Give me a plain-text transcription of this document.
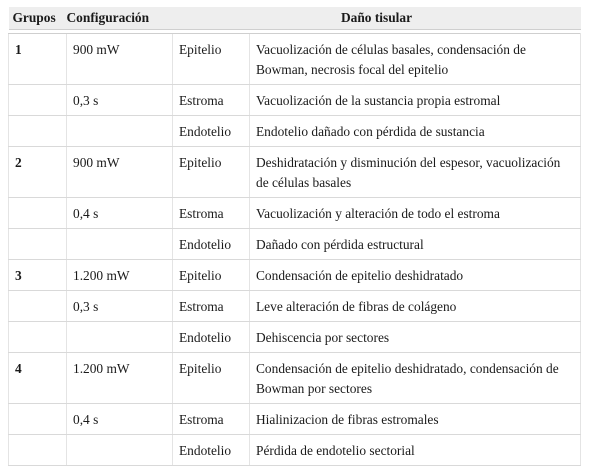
Grupos	Configuración	Daño tisular	

1	900 mW	Epitelio	Vacuolización de células basales, condensación de Bowman, necrosis focal del epitelio
	0,3 s	Estroma	Vacuolización de la sustancia propia estromal
		Endotelio	Endotelio dañado con pérdida de sustancia
2	900 mW	Epitelio	Deshidratación y disminución del espesor, vacuolización de células basales
	0,4 s	Estroma	Vacuolización y alteración de todo el estroma
		Endotelio	Dañado con pérdida estructural
3	1.200 mW	Epitelio	Condensación de epitelio deshidratado
	0,3 s	Estroma	Leve alteración de fibras de colágeno
		Endotelio	Dehiscencia por sectores
4	1.200 mW	Epitelio	Condensación de epitelio deshidratado, condensación de Bowman por sectores
	0,4 s	Estroma	Hialinizacion de fibras estromales
		Endotelio	Pérdida de endotelio sectorial
